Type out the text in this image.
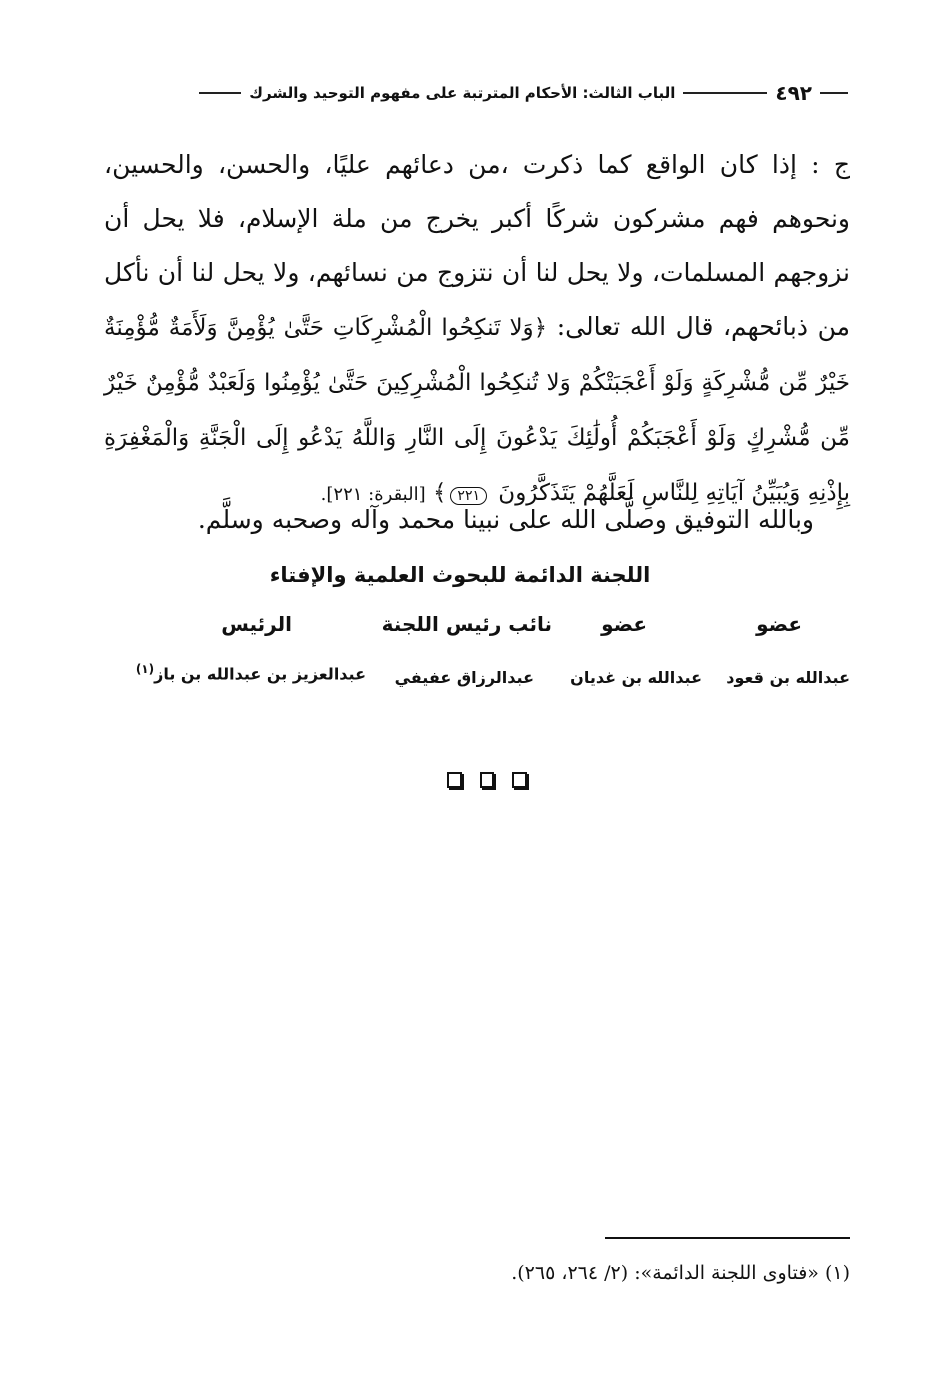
٤٩٢
الباب الثالث: الأحكام المترتبة على مفهوم التوحيد والشرك

ج : إذا كان الواقع كما ذكرت ،من دعائهم عليًا، والحسن، والحسين، ونحوهم فهم مشركون شركًا أكبر يخرج من ملة الإسلام، فلا يحل أن نزوجهم المسلمات، ولا يحل لنا أن نتزوج من نسائهم، ولا يحل لنا أن نأكل من ذبائحهم، قال الله تعالى: ﴿وَلا تَنكِحُوا الْمُشْرِكَاتِ حَتَّىٰ يُؤْمِنَّ وَلَأَمَةٌ مُّؤْمِنَةٌ خَيْرٌ مِّن مُّشْرِكَةٍ وَلَوْ أَعْجَبَتْكُمْ وَلا تُنكِحُوا الْمُشْرِكِينَ حَتَّىٰ يُؤْمِنُوا وَلَعَبْدٌ مُّؤْمِنٌ خَيْرٌ مِّن مُّشْرِكٍ وَلَوْ أَعْجَبَكُمْ أُولَٰئِكَ يَدْعُونَ إِلَى النَّارِ وَاللَّهُ يَدْعُو إِلَى الْجَنَّةِ وَالْمَغْفِرَةِ بِإِذْنِهِ وَيُبَيِّنُ آيَاتِهِ لِلنَّاسِ لَعَلَّهُمْ يَتَذَكَّرُونَ ٢٢١﴾ [البقرة: ٢٢١].

وبالله التوفيق وصلَّى الله على نبينا محمد وآله وصحبه وسلَّم.
اللجنة الدائمة للبحوث العلمية والإفتاء
عضو
عضو
نائب رئيس اللجنة
الرئيس
عبدالله بن قعود
عبدالله بن غديان
عبدالرزاق عفيفي
عبدالعزيز بن عبدالله بن باز$^{(١)}$
(١) «فتاوى اللجنة الدائمة»: (٢/ ٢٦٤، ٢٦٥).
